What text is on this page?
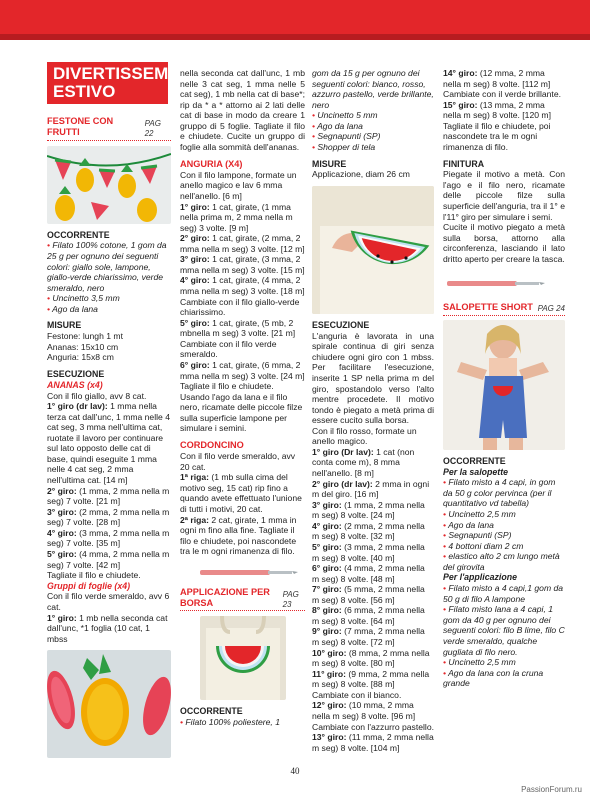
DIVERTISSEMENT
ESTIVO
FESTONE CON FRUTTI
PAG 22
OCCORRENTE

• Filato 100% cotone, 1 gom da 25 g per ognuno dei seguenti colori: giallo sole, lampone, giallo-verde chiarissimo, verde smeraldo, nero

• Uncinetto 3,5 mm

• Ago da lana

MISURE

Festone: lungh 1 mt

Ananas: 15x10 cm

Anguria: 15x8 cm

ESECUZIONE
ANANAS (x4)

Con il filo giallo, avv 8 cat.

1° giro (dr lav): 1 mma nella terza cat dall'unc, 1 mma nelle 4 cat seg, 3 mma nell'ultima cat, ruotate il lavoro per continuare sul lato opposto delle cat di base, quindi eseguite 1 mma nelle 4 cat seg, 2 mma nell'ultima cat. [14 m]

2° giro: (1 mma, 2 mma nella m seg) 7 volte. [21 m]

3° giro: (2 mma, 2 mma nella m seg) 7 volte. [28 m]

4° giro: (3 mma, 2 mma nella m seg) 7 volte. [35 m]

5° giro: (4 mma, 2 mma nella m seg) 7 volte. [42 m]

Tagliate il filo e chiudete.

Gruppi di foglie (x4)

Con il filo verde smeraldo, avv 6 cat.

1° giro: 1 mb nella seconda cat dall'unc, *1 foglia (10 cat, 1 mbss

nella seconda cat dall'unc, 1 mb nelle 3 cat seg, 1 mma nelle 5 cat seg), 1 mb nella cat di base*; rip da * a * attorno ai 2 lati delle cat di base in modo da creare 1 gruppo di 5 foglie. Tagliate il filo e chiudete. Cucite un gruppo di foglie alla sommità dell'ananas.

ANGURIA (X4)

Con il filo lampone, formate un anello magico e lav 6 mma nell'anello. [6 m]

1° giro: 1 cat, girate, (1 mma nella prima m, 2 mma nella m seg) 3 volte. [9 m]

2° giro: 1 cat, girate, (2 mma, 2 mma nella m seg) 3 volte. [12 m]

3° giro: 1 cat, girate, (3 mma, 2 mma nella m seg) 3 volte. [15 m]

4° giro: 1 cat, girate, (4 mma, 2 mma nella m seg) 3 volte. [18 m]

Cambiate con il filo giallo-verde chiarissimo.

5° giro: 1 cat, girate, (5 mb, 2 mbnella m seg) 3 volte. [21 m]

Cambiate con il filo verde smeraldo.

6° giro: 1 cat, girate, (6 mma, 2 mma nella m seg) 3 volte. [24 m]

Tagliate il filo e chiudete.

Usando l'ago da lana e il filo nero, ricamate delle piccole filze sulla superficie lampone per simulare i semini.

CORDONCINO

Con il filo verde smeraldo, avv 20 cat.

1ª riga: (1 mb sulla cima del motivo seg, 15 cat) rip fino a quando avete effettuato l'unione di tutti i motivi, 20 cat.

2ª riga: 2 cat, girate, 1 mma in ogni m fino alla fine. Tagliate il filo e chiudete, poi nascondete tra le m ogni rimanenza di filo.

APPLICAZIONE PER BORSA
PAG 23
OCCORRENTE

• Filato 100% poliestere, 1

gom da 15 g per ognuno dei seguenti colori: bianco, rosso, azzurro pastello, verde brillante, nero

• Uncinetto 5 mm

• Ago da lana

• Segnapunti (SP)

• Shopper di tela

MISURE

Applicazione, diam 26 cm

ESECUZIONE

L'anguria è lavorata in una spirale continua di giri senza chiudere ogni giro con 1 mbss. Per facilitare l'esecuzione, inserite 1 SP nella prima m del giro, spostandolo verso l'alto mentre procedete. Il motivo tondo è piegato a metà prima di essere cucito sulla borsa.

Con il filo rosso, formate un anello magico.

1° giro (Dr lav): 1 cat (non conta come m), 8 mma nell'anello. [8 m]

2° giro (dr lav): 2 mma in ogni m del giro. [16 m]

3° giro: (1 mma, 2 mma nella m seg) 8 volte. [24 m]

4° giro: (2 mma, 2 mma nella m seg) 8 volte. [32 m]

5° giro: (3 mma, 2 mma nella m seg) 8 volte. [40 m]

6° giro: (4 mma, 2 mma nella m seg) 8 volte. [48 m]

7° giro: (5 mma, 2 mma nella m seg) 8 volte. [56 m]

8° giro: (6 mma, 2 mma nella m seg) 8 volte. [64 m]

9° giro: (7 mma, 2 mma nella m seg) 8 volte. [72 m]

10° giro: (8 mma, 2 mma nella m seg) 8 volte. [80 m]

11° giro: (9 mma, 2 mma nella m seg) 8 volte. [88 m]

Cambiate con il bianco.

12° giro: (10 mma, 2 mma nella m seg) 8 volte. [96 m]

Cambiate con l'azzurro pastello.

13° giro: (11 mma, 2 mma nella m seg) 8 volte. [104 m]

14° giro: (12 mma, 2 mma nella m seg) 8 volte. [112 m]

Cambiate con il verde brillante.

15° giro: (13 mma, 2 mma nella m seg) 8 volte. [120 m] Tagliate il filo e chiudete, poi nascondete tra le m ogni rimanenza di filo.

FINITURA

Piegate il motivo a metà. Con l'ago e il filo nero, ricamate delle piccole filze sulla superficie dell'anguria, tra il 1° e l'11° giro per simulare i semi.

Cucite il motivo piegato a metà sulla borsa, attorno alla circonferenza, lasciando il lato dritto aperto per creare la tasca.

SALOPETTE SHORT PAG 24
OCCORRENTE
Per la salopette

• Filato misto a 4 capi, in gom da 50 g color pervinca (per il quantitativo vd tabella)

• Uncinetto 2,5 mm

• Ago da lana

• Segnapunti (SP)

• 4 bottoni diam 2 cm

• elastico alto 2 cm lungo metà del girovita

Per l'applicazione

• Filato misto a 4 capi,1 gom da 50 g di filo A lampone

• Filato misto lana a 4 capi, 1 gom da 40 g per ognuno dei seguenti colori: filo B lime, filo C verde smeraldo, qualche gugliata di filo nero.

• Uncinetto 2,5 mm

• Ago da lana con la cruna grande

40
PassionForum.ru
